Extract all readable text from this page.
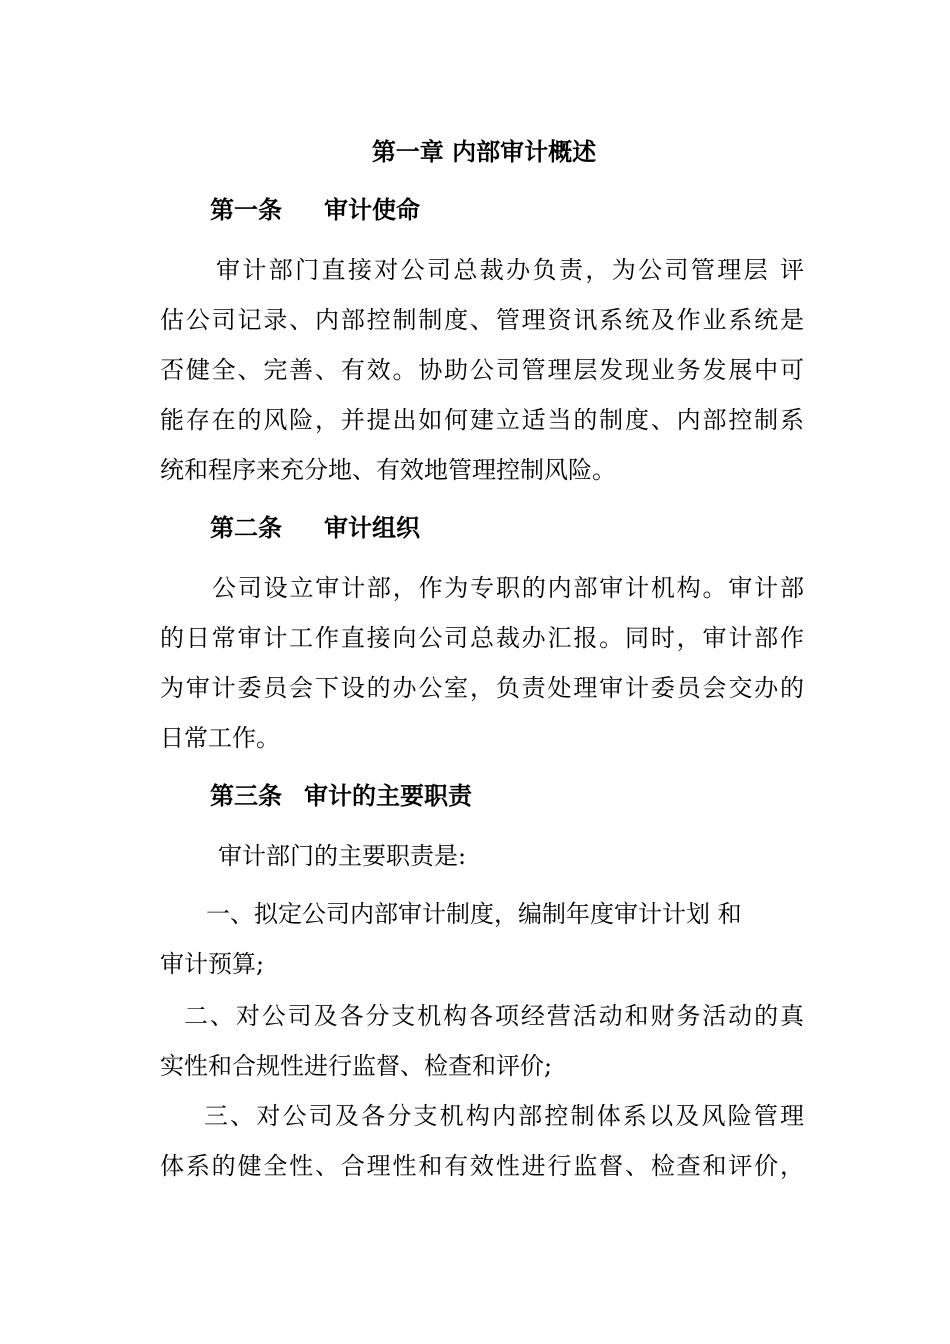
第一章 内部审计概述
第一条 审计使命
审计部门直接对公司总裁办负责，为公司管理层 评
估公司记录、内部控制制度、管理资讯系统及作业系统是
否健全、完善、有效。协助公司管理层发现业务发展中可
能存在的风险，并提出如何建立适当的制度、内部控制系
统和程序来充分地、有效地管理控制风险。
第二条 审计组织
公司设立审计部，作为专职的内部审计机构。审计部
的日常审计工作直接向公司总裁办汇报。同时，审计部作
为审计委员会下设的办公室，负责处理审计委员会交办的
日常工作。
第三条 审计的主要职责
审计部门的主要职责是:
一、拟定公司内部审计制度，编制年度审计计划 和
审计预算;
二、对公司及各分支机构各项经营活动和财务活动的真
实性和合规性进行监督、检查和评价;
三、对公司及各分支机构内部控制体系以及风险管理
体系的健全性、合理性和有效性进行监督、检查和评价，
